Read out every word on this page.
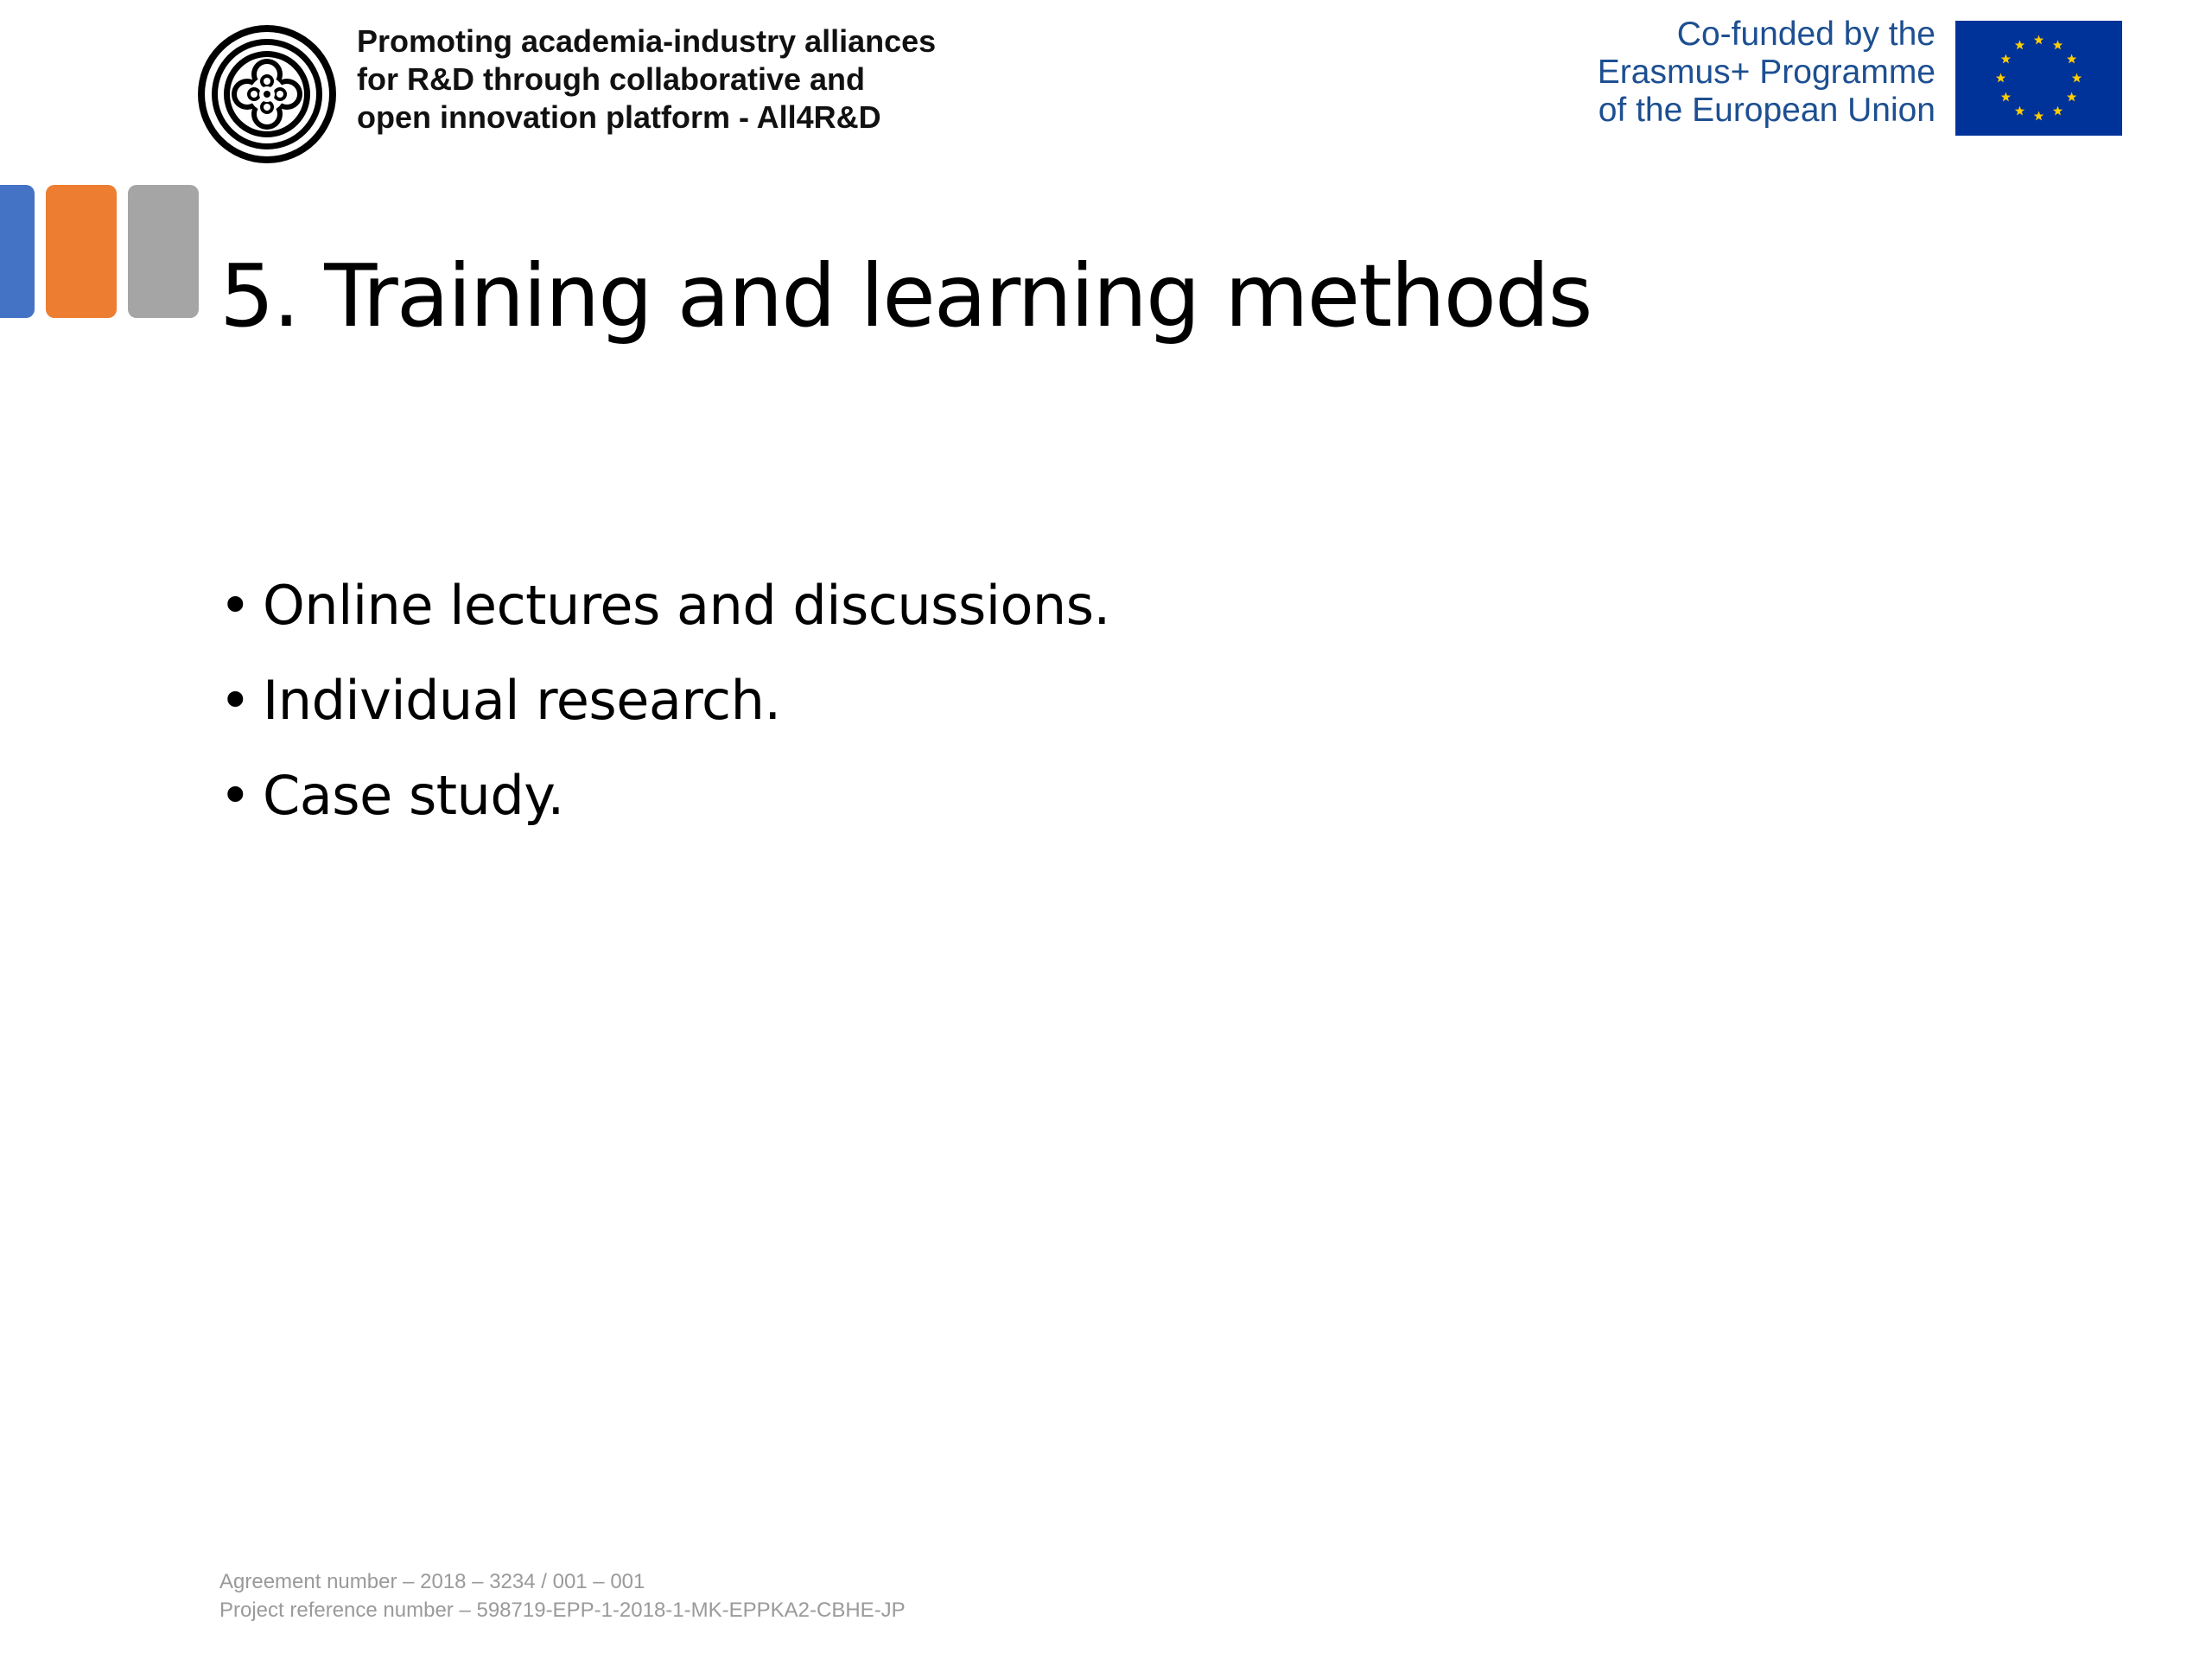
Promoting academia-industry alliances
for R&D through collaborative and
open innovation platform - All4R&D
Co-funded by the
Erasmus+ Programme
of the European Union
5. Training and learning methods
• Online lectures and discussions.
• Individual research.
• Case study.
Agreement number – 2018 – 3234 / 001 – 001
Project reference number – 598719-EPP-1-2018-1-MK-EPPKA2-CBHE-JP
